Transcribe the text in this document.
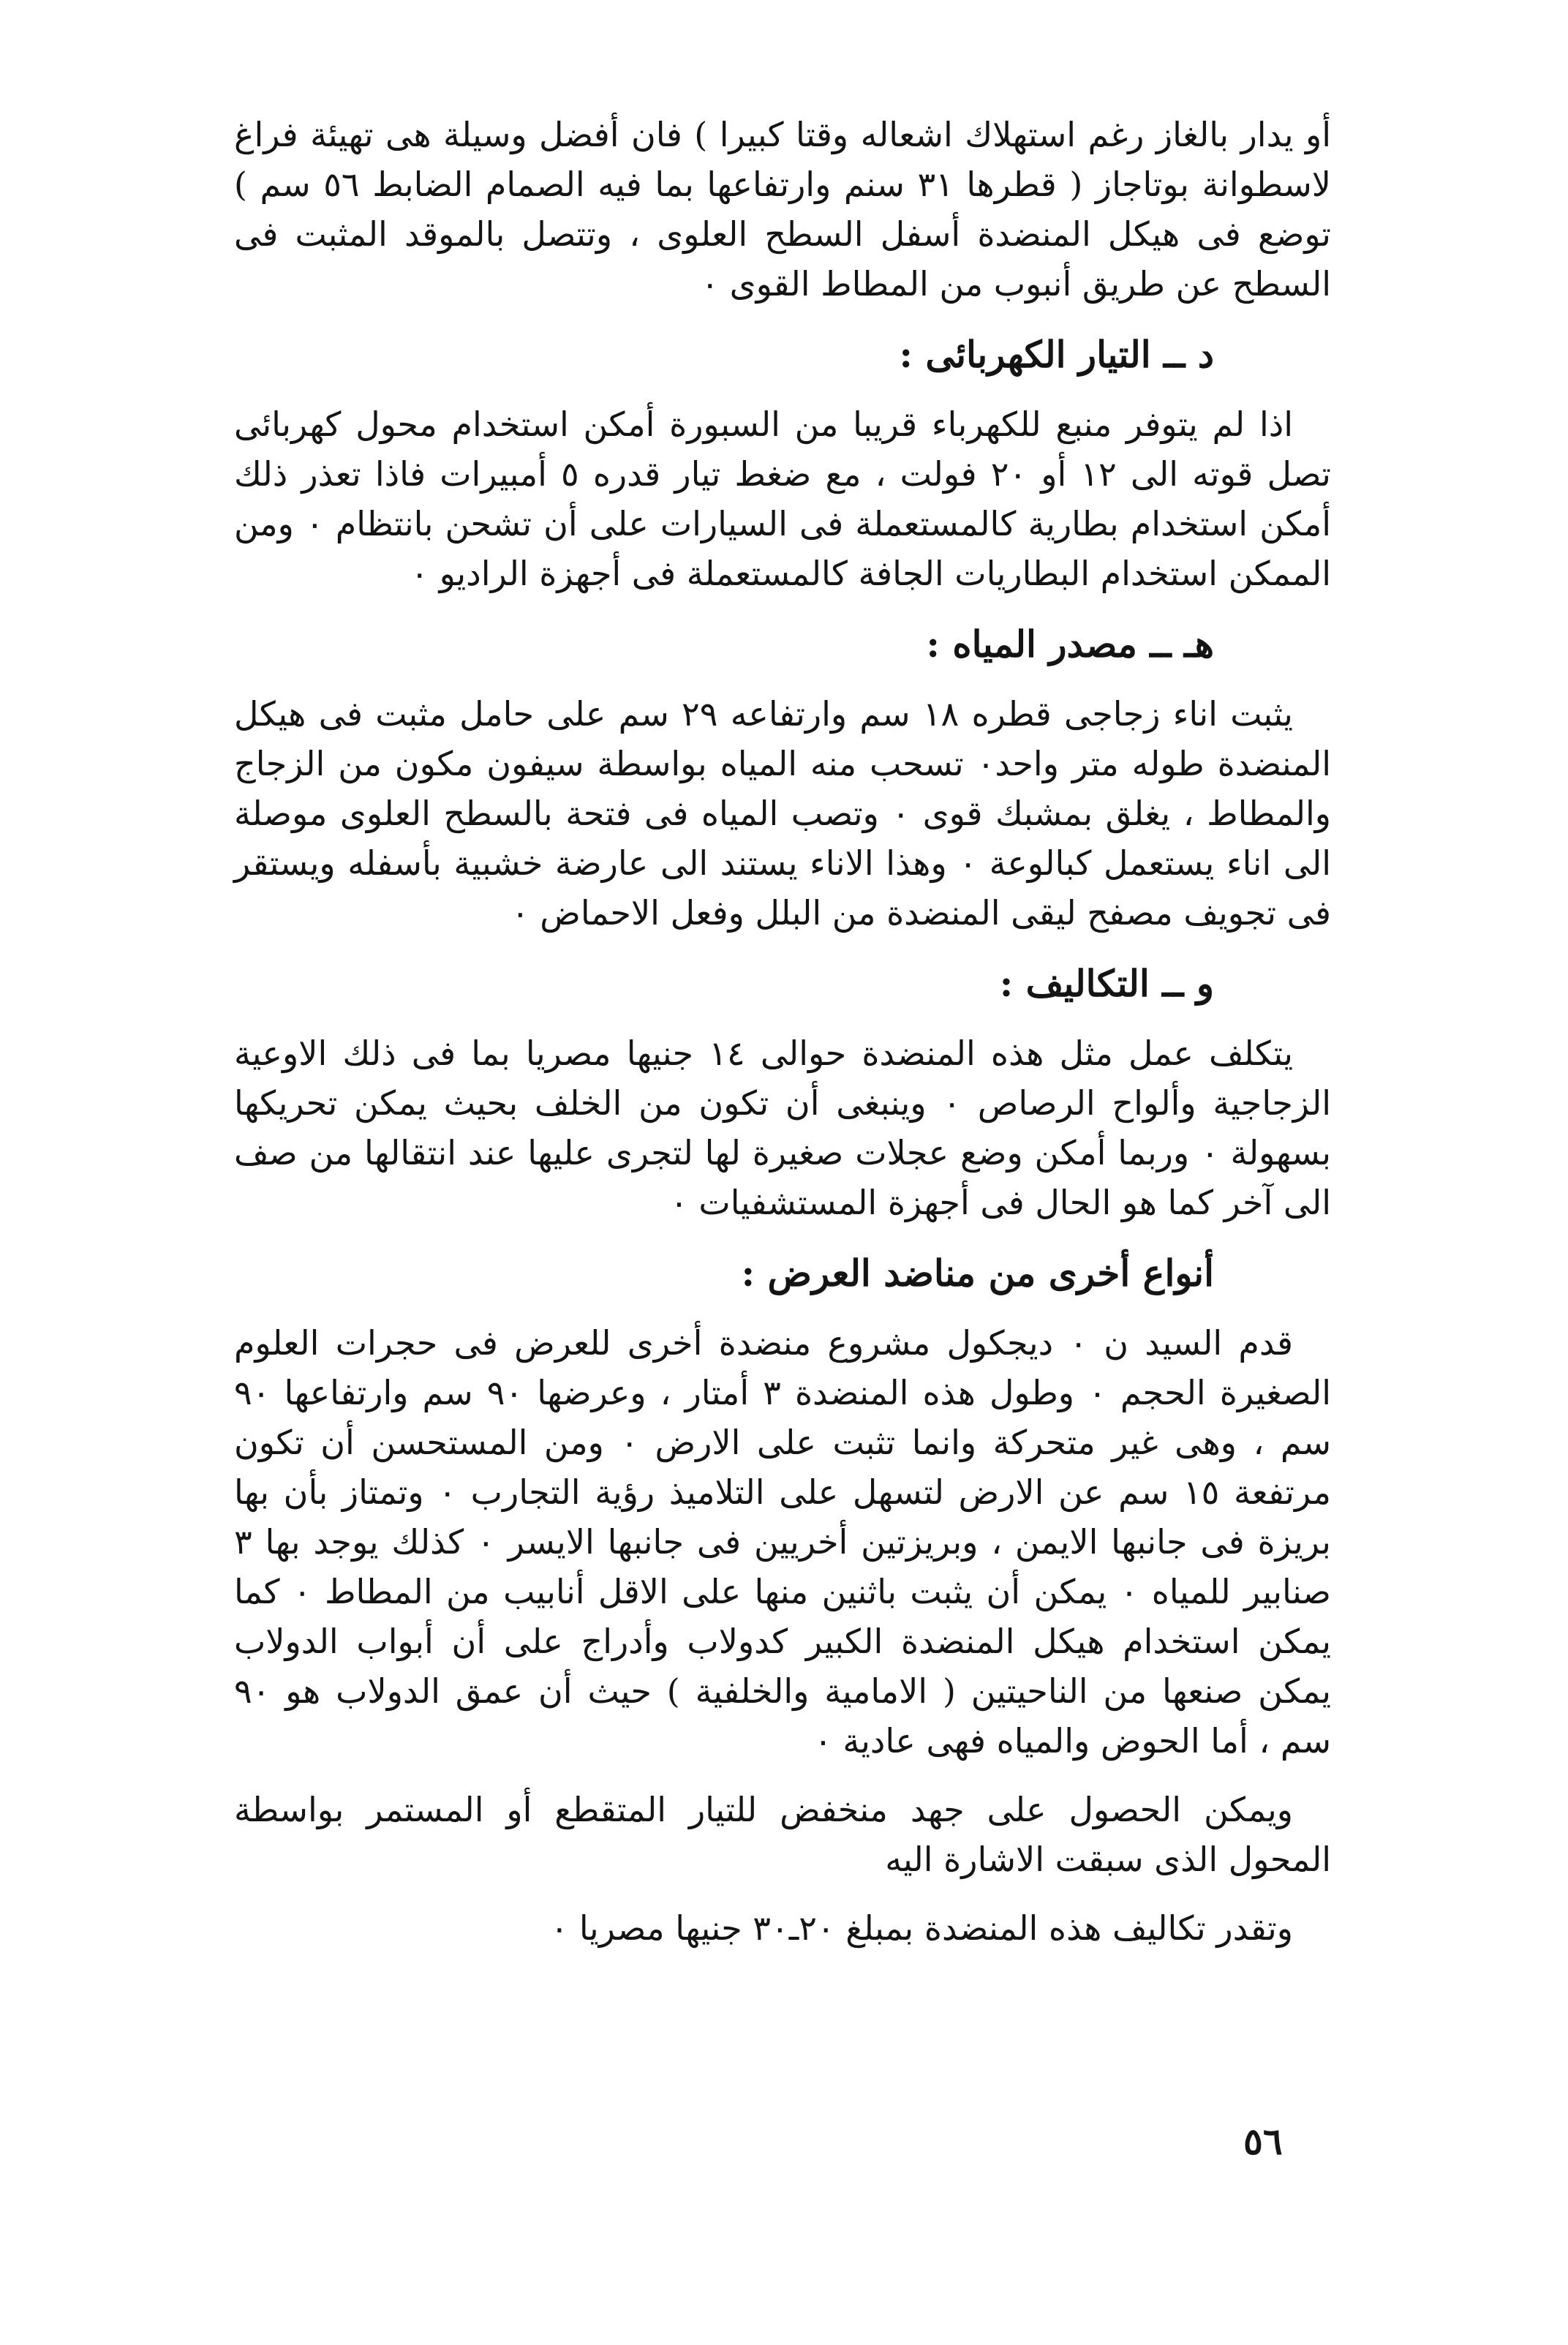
أو يدار بالغاز رغم استهلاك اشعاله وقتا كبيرا ) فان أفضل وسيلة هى تهيئة فراغ لاسطوانة بوتاجاز ( قطرها ٣١ سنم وارتفاعها بما فيه الصمام الضابط ٥٦ سم ) توضع فى هيكل المنضدة أسفل السطح العلوى ، وتتصل بالموقد المثبت فى السطح عن طريق أنبوب من المطاط القوى ٠

د ــ التيار الكهربائى :

اذا لم يتوفر منبع للكهرباء قريبا من السبورة أمكن استخدام محول كهربائى تصل قوته الى ١٢ أو ٢٠ فولت ، مع ضغط تيار قدره ٥ أمبيرات فاذا تعذر ذلك أمكن استخدام بطارية كالمستعملة فى السيارات على أن تشحن بانتظام ٠ ومن الممكن استخدام البطاريات الجافة كالمستعملة فى أجهزة الراديو ٠

هـ ــ مصدر المياه :

يثبت اناء زجاجى قطره ١٨ سم وارتفاعه ٢٩ سم على حامل مثبت فى هيكل المنضدة طوله متر واحد٠ تسحب منه المياه بواسطة سيفون مكون من الزجاج والمطاط ، يغلق بمشبك قوى ٠ وتصب المياه فى فتحة بالسطح العلوى موصلة الى اناء يستعمل كبالوعة ٠ وهذا الاناء يستند الى عارضة خشبية بأسفله ويستقر فى تجويف مصفح ليقى المنضدة من البلل وفعل الاحماض ٠

و ــ التكاليف :

يتكلف عمل مثل هذه المنضدة حوالى ١٤ جنيها مصريا بما فى ذلك الاوعية الزجاجية وألواح الرصاص ٠ وينبغى أن تكون من الخلف بحيث يمكن تحريكها بسهولة ٠ وربما أمكن وضع عجلات صغيرة لها لتجرى عليها عند انتقالها من صف الى آخر كما هو الحال فى أجهزة المستشفيات ٠

أنواع أخرى من مناضد العرض :

قدم السيد ن ٠ ديجكول مشروع منضدة أخرى للعرض فى حجرات العلوم الصغيرة الحجم ٠ وطول هذه المنضدة ٣ أمتار ، وعرضها ٩٠ سم وارتفاعها ٩٠ سم ، وهى غير متحركة وانما تثبت على الارض ٠ ومن المستحسن أن تكون مرتفعة ١٥ سم عن الارض لتسهل على التلاميذ رؤية التجارب ٠ وتمتاز بأن بها بريزة فى جانبها الايمن ، وبريزتين أخريين فى جانبها الايسر ٠ كذلك يوجد بها ٣ صنابير للمياه ٠ يمكن أن يثبت باثنين منها على الاقل أنابيب من المطاط ٠ كما يمكن استخدام هيكل المنضدة الكبير كدولاب وأدراج على أن أبواب الدولاب يمكن صنعها من الناحيتين ( الامامية والخلفية ) حيث أن عمق الدولاب هو ٩٠ سم ، أما الحوض والمياه فهى عادية ٠

ويمكن الحصول على جهد منخفض للتيار المتقطع أو المستمر بواسطة المحول الذى سبقت الاشارة اليه

وتقدر تكاليف هذه المنضدة بمبلغ ٢٠ـ٣٠ جنيها مصريا ٠

٥٦
